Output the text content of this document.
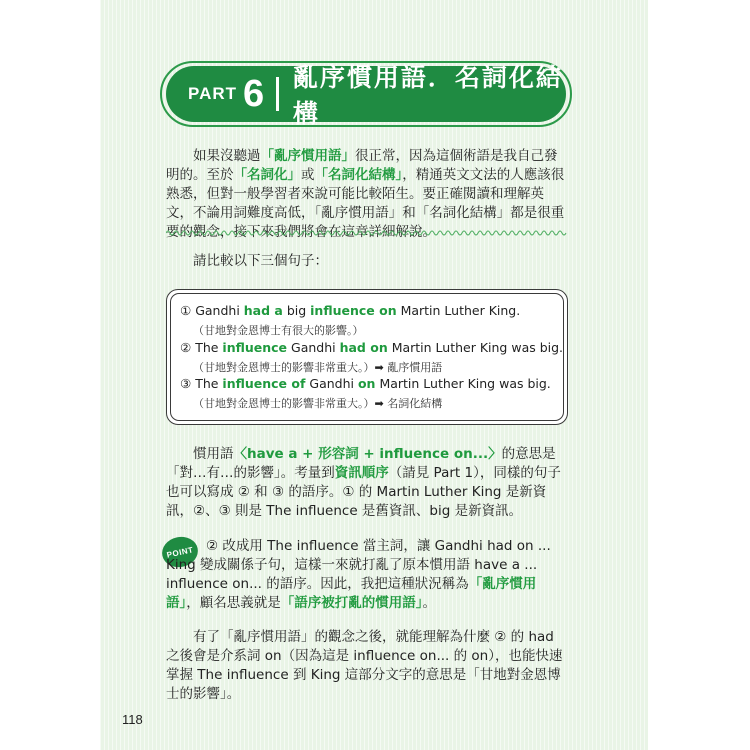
PART 6 亂序慣用語．名詞化結構

如果沒聽過「亂序慣用語」很正常，因為這個術語是我自己發明的。至於「名詞化」或「名詞化結構」，精通英文文法的人應該很熟悉，但對一般學習者來說可能比較陌生。要正確閱讀和理解英文，不論用詞難度高低，「亂序慣用語」和「名詞化結構」都是很重要的觀念，接下來我們將會在這章詳細解說。

請比較以下三個句子：

① Gandhi had a big influence on Martin Luther King.
（甘地對金恩博士有很大的影響。）
② The influence Gandhi had on Martin Luther King was big.
（甘地對金恩博士的影響非常重大。）➡ 亂序慣用語
③ The influence of Gandhi on Martin Luther King was big.
（甘地對金恩博士的影響非常重大。）➡ 名詞化結構

慣用語〈have a + 形容詞 + influence on...〉的意思是「對…有…的影響」。考量到資訊順序（請見 Part 1），同樣的句子也可以寫成 ② 和 ③ 的語序。① 的 Martin Luther King 是新資訊，②、③ 則是 The influence 是舊資訊、big 是新資訊。

POINT ② 改成用 The influence 當主詞，讓 Gandhi had on ... King 變成關係子句，這樣一來就打亂了原本慣用語 have a ... influence on... 的語序。因此，我把這種狀況稱為「亂序慣用語」，顧名思義就是「語序被打亂的慣用語」。

有了「亂序慣用語」的觀念之後，就能理解為什麼 ② 的 had 之後會是介系詞 on（因為這是 influence on... 的 on），也能快速掌握 The influence 到 King 這部分文字的意思是「甘地對金恩博士的影響」。

118
